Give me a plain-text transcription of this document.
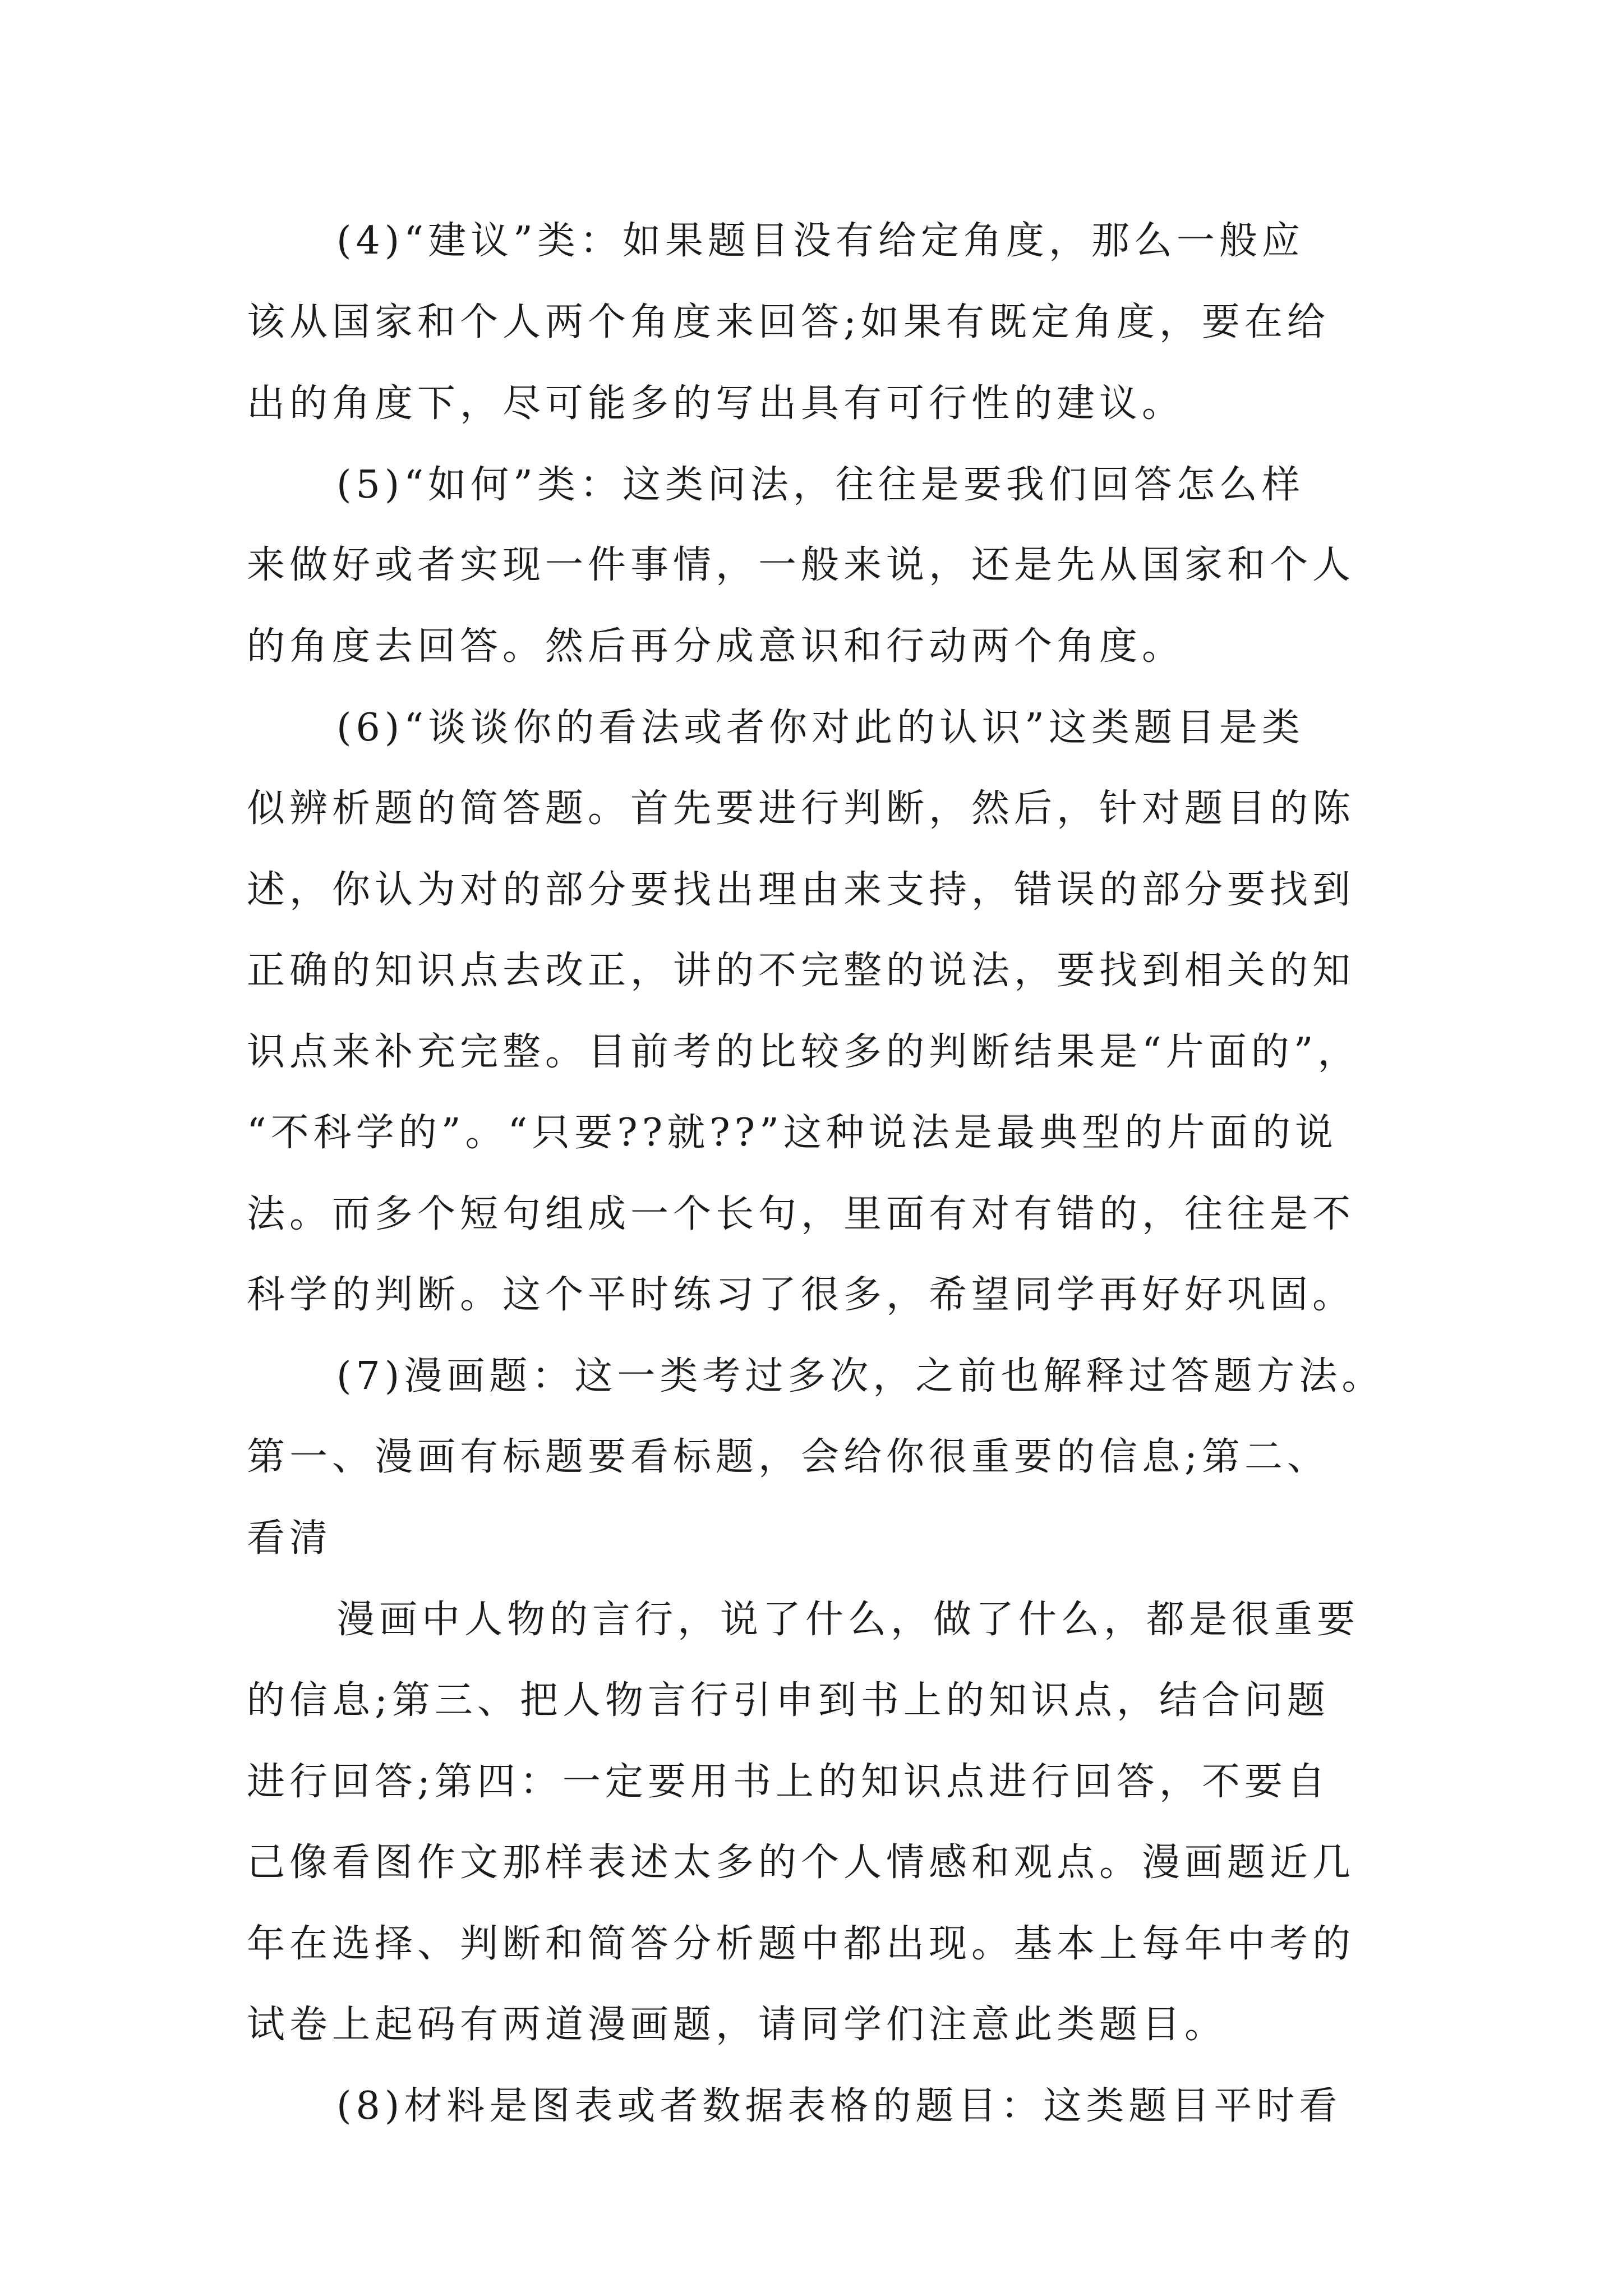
(4)“建议”类：如果题目没有给定角度，那么一般应
该从国家和个人两个角度来回答;如果有既定角度，要在给
出的角度下，尽可能多的写出具有可行性的建议。
(5)“如何”类：这类问法，往往是要我们回答怎么样
来做好或者实现一件事情，一般来说，还是先从国家和个人
的角度去回答。然后再分成意识和行动两个角度。
(6)“谈谈你的看法或者你对此的认识”这类题目是类
似辨析题的简答题。首先要进行判断，然后，针对题目的陈
述，你认为对的部分要找出理由来支持，错误的部分要找到
正确的知识点去改正，讲的不完整的说法，要找到相关的知
识点来补充完整。目前考的比较多的判断结果是“片面的”，
“不科学的”。“只要??就??”这种说法是最典型的片面的说
法。而多个短句组成一个长句，里面有对有错的，往往是不
科学的判断。这个平时练习了很多，希望同学再好好巩固。
(7)漫画题：这一类考过多次，之前也解释过答题方法。
第一、漫画有标题要看标题，会给你很重要的信息;第二、
看清
漫画中人物的言行，说了什么，做了什么，都是很重要
的信息;第三、把人物言行引申到书上的知识点，结合问题
进行回答;第四：一定要用书上的知识点进行回答，不要自
己像看图作文那样表述太多的个人情感和观点。漫画题近几
年在选择、判断和简答分析题中都出现。基本上每年中考的
试卷上起码有两道漫画题，请同学们注意此类题目。
(8)材料是图表或者数据表格的题目：这类题目平时看
